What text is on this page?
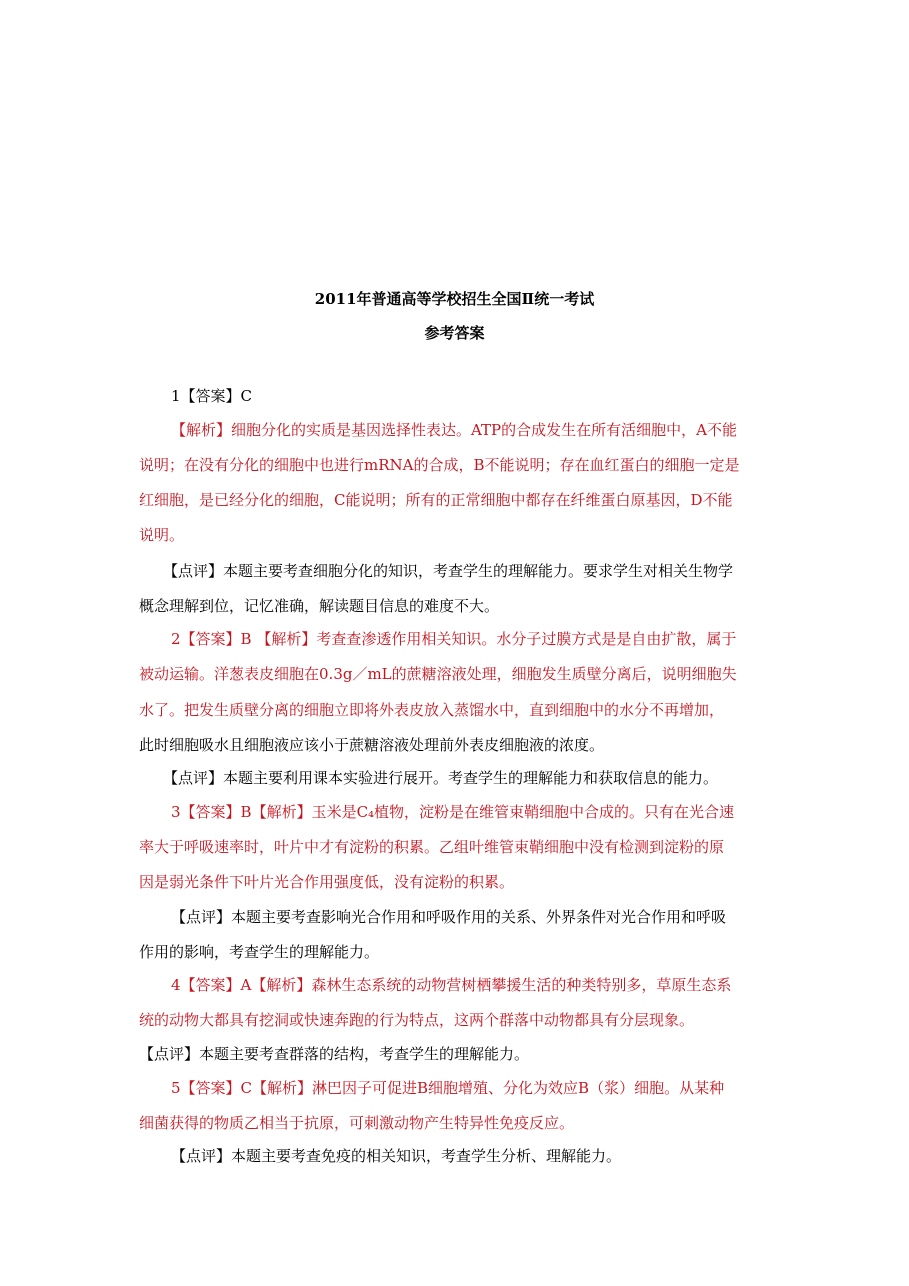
2011年普通高等学校招生全国Ⅱ统一考试
参考答案
1【答案】C
【解析】细胞分化的实质是基因选择性表达。ATP的合成发生在所有活细胞中，A不能
说明；在没有分化的细胞中也进行mRNA的合成，B不能说明；存在血红蛋白的细胞一定是
红细胞，是已经分化的细胞，C能说明；所有的正常细胞中都存在纤维蛋白原基因，D不能
说明。
【点评】本题主要考查细胞分化的知识，考查学生的理解能力。要求学生对相关生物学
概念理解到位，记忆准确，解读题目信息的难度不大。
2【答案】B 【解析】考查查渗透作用相关知识。水分子过膜方式是是自由扩散，属于
被动运输。洋葱表皮细胞在0.3g／mL的蔗糖溶液处理，细胞发生质壁分离后，说明细胞失
水了。把发生质壁分离的细胞立即将外表皮放入蒸馏水中，直到细胞中的水分不再增加，
此时细胞吸水且细胞液应该小于蔗糖溶液处理前外表皮细胞液的浓度。
【点评】本题主要利用课本实验进行展开。考查学生的理解能力和获取信息的能力。
3【答案】B【解析】玉米是C₄植物，淀粉是在维管束鞘细胞中合成的。只有在光合速
率大于呼吸速率时，叶片中才有淀粉的积累。乙组叶维管束鞘细胞中没有检测到淀粉的原
因是弱光条件下叶片光合作用强度低，没有淀粉的积累。
【点评】本题主要考查影响光合作用和呼吸作用的关系、外界条件对光合作用和呼吸
作用的影响，考查学生的理解能力。
4【答案】A【解析】森林生态系统的动物营树栖攀援生活的种类特别多，草原生态系
统的动物大都具有挖洞或快速奔跑的行为特点，这两个群落中动物都具有分层现象。
【点评】本题主要考查群落的结构，考查学生的理解能力。
5【答案】C【解析】淋巴因子可促进B细胞增殖、分化为效应B（浆）细胞。从某种
细菌获得的物质乙相当于抗原，可刺激动物产生特异性免疫反应。
【点评】本题主要考查免疫的相关知识，考查学生分析、理解能力。
